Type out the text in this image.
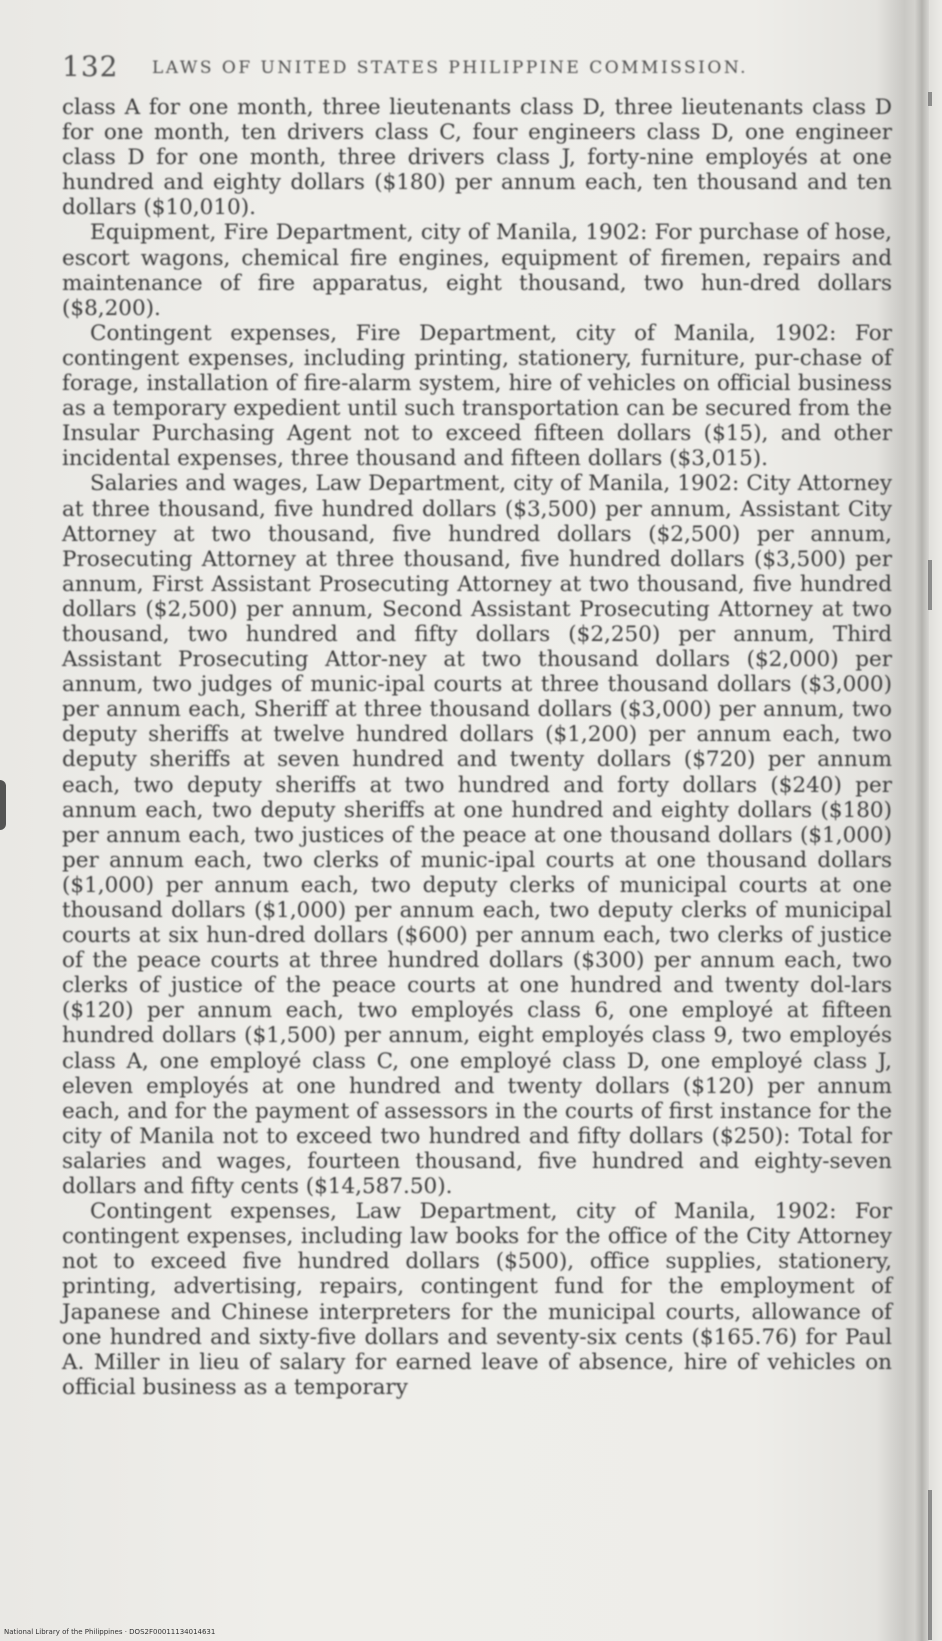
132 LAWS OF UNITED STATES PHILIPPINE COMMISSION.

class A for one month, three lieutenants class D, three lieutenants class D for one month, ten drivers class C, four engineers class D, one engineer class D for one month, three drivers class J, forty-nine employés at one hundred and eighty dollars ($180) per annum each, ten thousand and ten dollars ($10,010).

Equipment, Fire Department, city of Manila, 1902: For purchase of hose, escort wagons, chemical fire engines, equipment of firemen, repairs and maintenance of fire apparatus, eight thousand, two hun-dred dollars ($8,200).

Contingent expenses, Fire Department, city of Manila, 1902: For contingent expenses, including printing, stationery, furniture, pur-chase of forage, installation of fire-alarm system, hire of vehicles on official business as a temporary expedient until such transportation can be secured from the Insular Purchasing Agent not to exceed fifteen dollars ($15), and other incidental expenses, three thousand and fifteen dollars ($3,015).

Salaries and wages, Law Department, city of Manila, 1902: City Attorney at three thousand, five hundred dollars ($3,500) per annum, Assistant City Attorney at two thousand, five hundred dollars ($2,500) per annum, Prosecuting Attorney at three thousand, five hundred dollars ($3,500) per annum, First Assistant Prosecuting Attorney at two thousand, five hundred dollars ($2,500) per annum, Second Assistant Prosecuting Attorney at two thousand, two hundred and fifty dollars ($2,250) per annum, Third Assistant Prosecuting Attor-ney at two thousand dollars ($2,000) per annum, two judges of munic-ipal courts at three thousand dollars ($3,000) per annum each, Sheriff at three thousand dollars ($3,000) per annum, two deputy sheriffs at twelve hundred dollars ($1,200) per annum each, two deputy sheriffs at seven hundred and twenty dollars ($720) per annum each, two deputy sheriffs at two hundred and forty dollars ($240) per annum each, two deputy sheriffs at one hundred and eighty dollars ($180) per annum each, two justices of the peace at one thousand dollars ($1,000) per annum each, two clerks of munic-ipal courts at one thousand dollars ($1,000) per annum each, two deputy clerks of municipal courts at one thousand dollars ($1,000) per annum each, two deputy clerks of municipal courts at six hun-dred dollars ($600) per annum each, two clerks of justice of the peace courts at three hundred dollars ($300) per annum each, two clerks of justice of the peace courts at one hundred and twenty dol-lars ($120) per annum each, two employés class 6, one employé at fifteen hundred dollars ($1,500) per annum, eight employés class 9, two employés class A, one employé class C, one employé class D, one employé class J, eleven employés at one hundred and twenty dollars ($120) per annum each, and for the payment of assessors in the courts of first instance for the city of Manila not to exceed two hundred and fifty dollars ($250): Total for salaries and wages, fourteen thousand, five hundred and eighty-seven dollars and fifty cents ($14,587.50).

Contingent expenses, Law Department, city of Manila, 1902: For contingent expenses, including law books for the office of the City Attorney not to exceed five hundred dollars ($500), office supplies, stationery, printing, advertising, repairs, contingent fund for the employment of Japanese and Chinese interpreters for the municipal courts, allowance of one hundred and sixty-five dollars and seventy-six cents ($165.76) for Paul A. Miller in lieu of salary for earned leave of absence, hire of vehicles on official business as a temporary

National Library of the Philippines · DOS2F00011134014631
